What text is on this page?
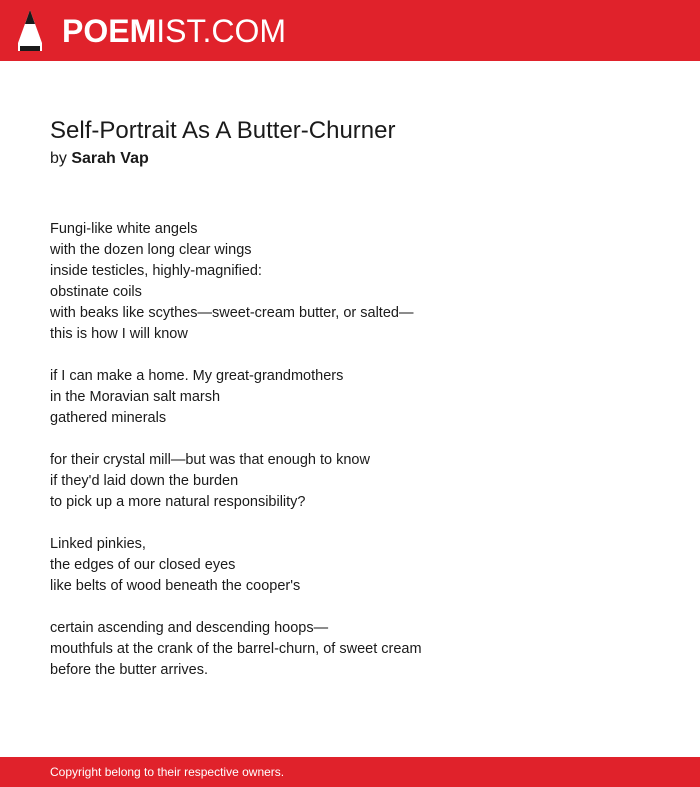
POEMIST.COM
Self-Portrait As A Butter-Churner
by Sarah Vap
Fungi-like white angels
with the dozen long clear wings
inside testicles, highly-magnified:
obstinate coils
with beaks like scythes—sweet-cream butter, or salted—
this is how I will know
if I can make a home. My great-grandmothers
in the Moravian salt marsh
gathered minerals
for their crystal mill—but was that enough to know
if they'd laid down the burden
to pick up a more natural responsibility?
Linked pinkies,
the edges of our closed eyes
like belts of wood beneath the cooper's
certain ascending and descending hoops—
mouthfuls at the crank of the barrel-churn, of sweet cream
before the butter arrives.
Copyright belong to their respective owners.
